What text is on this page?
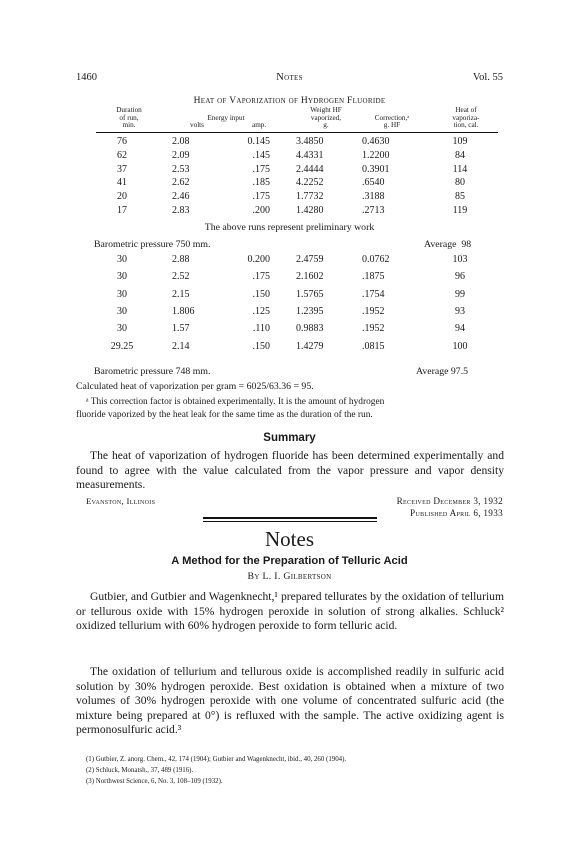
1460	Notes	Vol. 55
Heat of Vaporization of Hydrogen Fluoride
Duration
of run,
min.
Energy input
volts	amp.
Weight HF
vaporized,
g.
Correction,ᵃ
g. HF
Heat of
vaporiza-
tion, cal.
76	2.08	0.145	3.4850	0.4630	109
62	2.09	.145	4.4331	1.2200	84
37	2.53	.175	2.4444	0.3901	114
41	2.62	.185	4.2252	.6540	80
20	2.46	.175	1.7732	.3188	85
17	2.83	.200	1.4280	.2713	119
The above runs represent preliminary work
Barometric pressure 750 mm.	Average  98
30	2.88	0.200	2.4759	0.0762	103
30	2.52	.175	2.1602	.1875	96
30	2.15	.150	1.5765	.1754	99
30	1.806	.125	1.2395	.1952	93
30	1.57	.110	0.9883	.1952	94
29.25	2.14	.150	1.4279	.0815	100
Barometric pressure 748 mm.	Average 97.5
Calculated heat of vaporization per gram = 6025/63.36 = 95.
ᵃ This correction factor is obtained experimentally. It is the amount of hydrogen
fluoride vaporized by the heat leak for the same time as the duration of the run.
Summary
The heat of vaporization of hydrogen fluoride has been determined experimentally and found to agree with the value calculated from the vapor pressure and vapor density measurements.
Evanston, Illinois	Received December 3, 1932
Published April 6, 1933
Notes
A Method for the Preparation of Telluric Acid
By L. I. Gilbertson
Gutbier, and Gutbier and Wagenknecht,¹ prepared tellurates by the oxidation of tellurium or tellurous oxide with 15% hydrogen peroxide in solution of strong alkalies. Schluck² oxidized tellurium with 60% hydrogen peroxide to form telluric acid.
The oxidation of tellurium and tellurous oxide is accomplished readily in sulfuric acid solution by 30% hydrogen peroxide. Best oxidation is obtained when a mixture of two volumes of 30% hydrogen peroxide with one volume of concentrated sulfuric acid (the mixture being prepared at 0°) is refluxed with the sample. The active oxidizing agent is permonosulfuric acid.³
(1) Gutbier, Z. anorg. Chem., 42, 174 (1904); Gutbier and Wagenknecht, ibid., 40, 260 (1904).
(2) Schluck, Monatsh., 37, 489 (1916).
(3) Northwest Science, 6, No. 3, 108–109 (1932).
